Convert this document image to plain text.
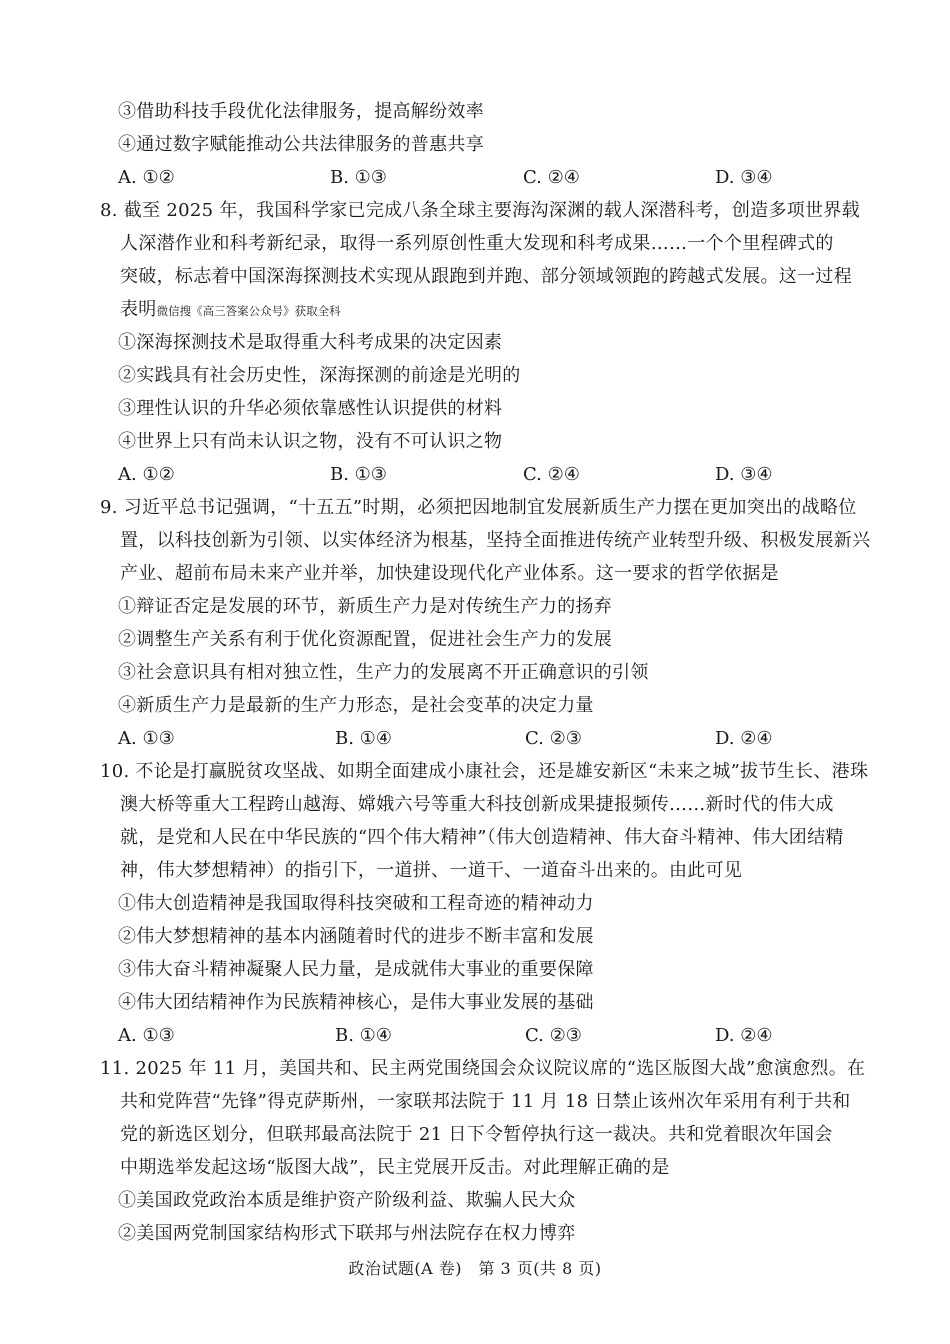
③借助科技手段优化法律服务，提高解纷效率
④通过数字赋能推动公共法律服务的普惠共享
A. ①②	B. ①③	C. ②④	D. ③④
8. 截至 2025 年，我国科学家已完成八条全球主要海沟深渊的载人深潜科考，创造多项世界载
人深潜作业和科考新纪录，取得一系列原创性重大发现和科考成果……一个个里程碑式的
突破，标志着中国深海探测技术实现从跟跑到并跑、部分领域领跑的跨越式发展。这一过程
表明微信搜《高三答案公众号》获取全科
①深海探测技术是取得重大科考成果的决定因素
②实践具有社会历史性，深海探测的前途是光明的
③理性认识的升华必须依靠感性认识提供的材料
④世界上只有尚未认识之物，没有不可认识之物
A. ①②	B. ①③	C. ②④	D. ③④
9. 习近平总书记强调，“十五五”时期，必须把因地制宜发展新质生产力摆在更加突出的战略位
置，以科技创新为引领、以实体经济为根基，坚持全面推进传统产业转型升级、积极发展新兴
产业、超前布局未来产业并举，加快建设现代化产业体系。这一要求的哲学依据是
①辩证否定是发展的环节，新质生产力是对传统生产力的扬弃
②调整生产关系有利于优化资源配置，促进社会生产力的发展
③社会意识具有相对独立性，生产力的发展离不开正确意识的引领
④新质生产力是最新的生产力形态，是社会变革的决定力量
A. ①③	B. ①④	C. ②③	D. ②④
10. 不论是打赢脱贫攻坚战、如期全面建成小康社会，还是雄安新区“未来之城”拔节生长、港珠
澳大桥等重大工程跨山越海、嫦娥六号等重大科技创新成果捷报频传……新时代的伟大成
就，是党和人民在中华民族的“四个伟大精神”（伟大创造精神、伟大奋斗精神、伟大团结精
神，伟大梦想精神）的指引下，一道拼、一道干、一道奋斗出来的。由此可见
①伟大创造精神是我国取得科技突破和工程奇迹的精神动力
②伟大梦想精神的基本内涵随着时代的进步不断丰富和发展
③伟大奋斗精神凝聚人民力量，是成就伟大事业的重要保障
④伟大团结精神作为民族精神核心，是伟大事业发展的基础
A. ①③	B. ①④	C. ②③	D. ②④
11. 2025 年 11 月，美国共和、民主两党围绕国会众议院议席的“选区版图大战”愈演愈烈。在
共和党阵营“先锋”得克萨斯州，一家联邦法院于 11 月 18 日禁止该州次年采用有利于共和
党的新选区划分，但联邦最高法院于 21 日下令暂停执行这一裁决。共和党着眼次年国会
中期选举发起这场“版图大战”，民主党展开反击。对此理解正确的是
①美国政党政治本质是维护资产阶级利益、欺骗人民大众
②美国两党制国家结构形式下联邦与州法院存在权力博弈
政治试题(A 卷)　第 3 页(共 8 页)
